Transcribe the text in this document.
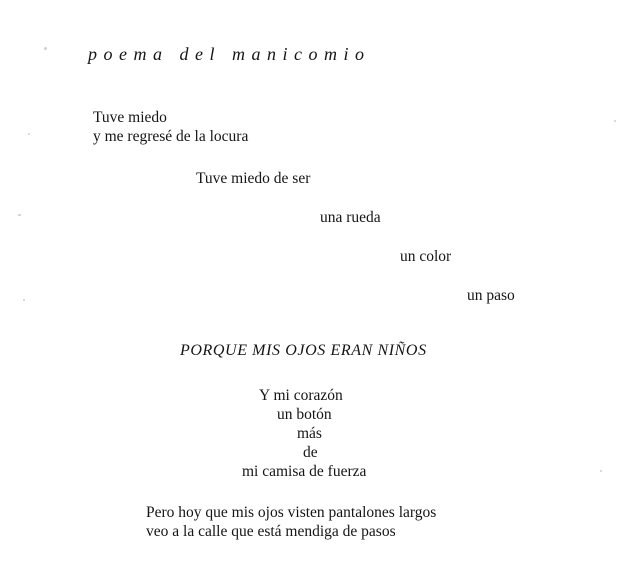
poema del manicomio
Tuve miedo
y me regresé de la locura
Tuve miedo de ser
una rueda
un color
un paso
PORQUE MIS OJOS ERAN NIÑOS
Y mi corazón
un botón
más
de
mi camisa de fuerza
Pero hoy que mis ojos visten pantalones largos
veo a la calle que está mendiga de pasos
